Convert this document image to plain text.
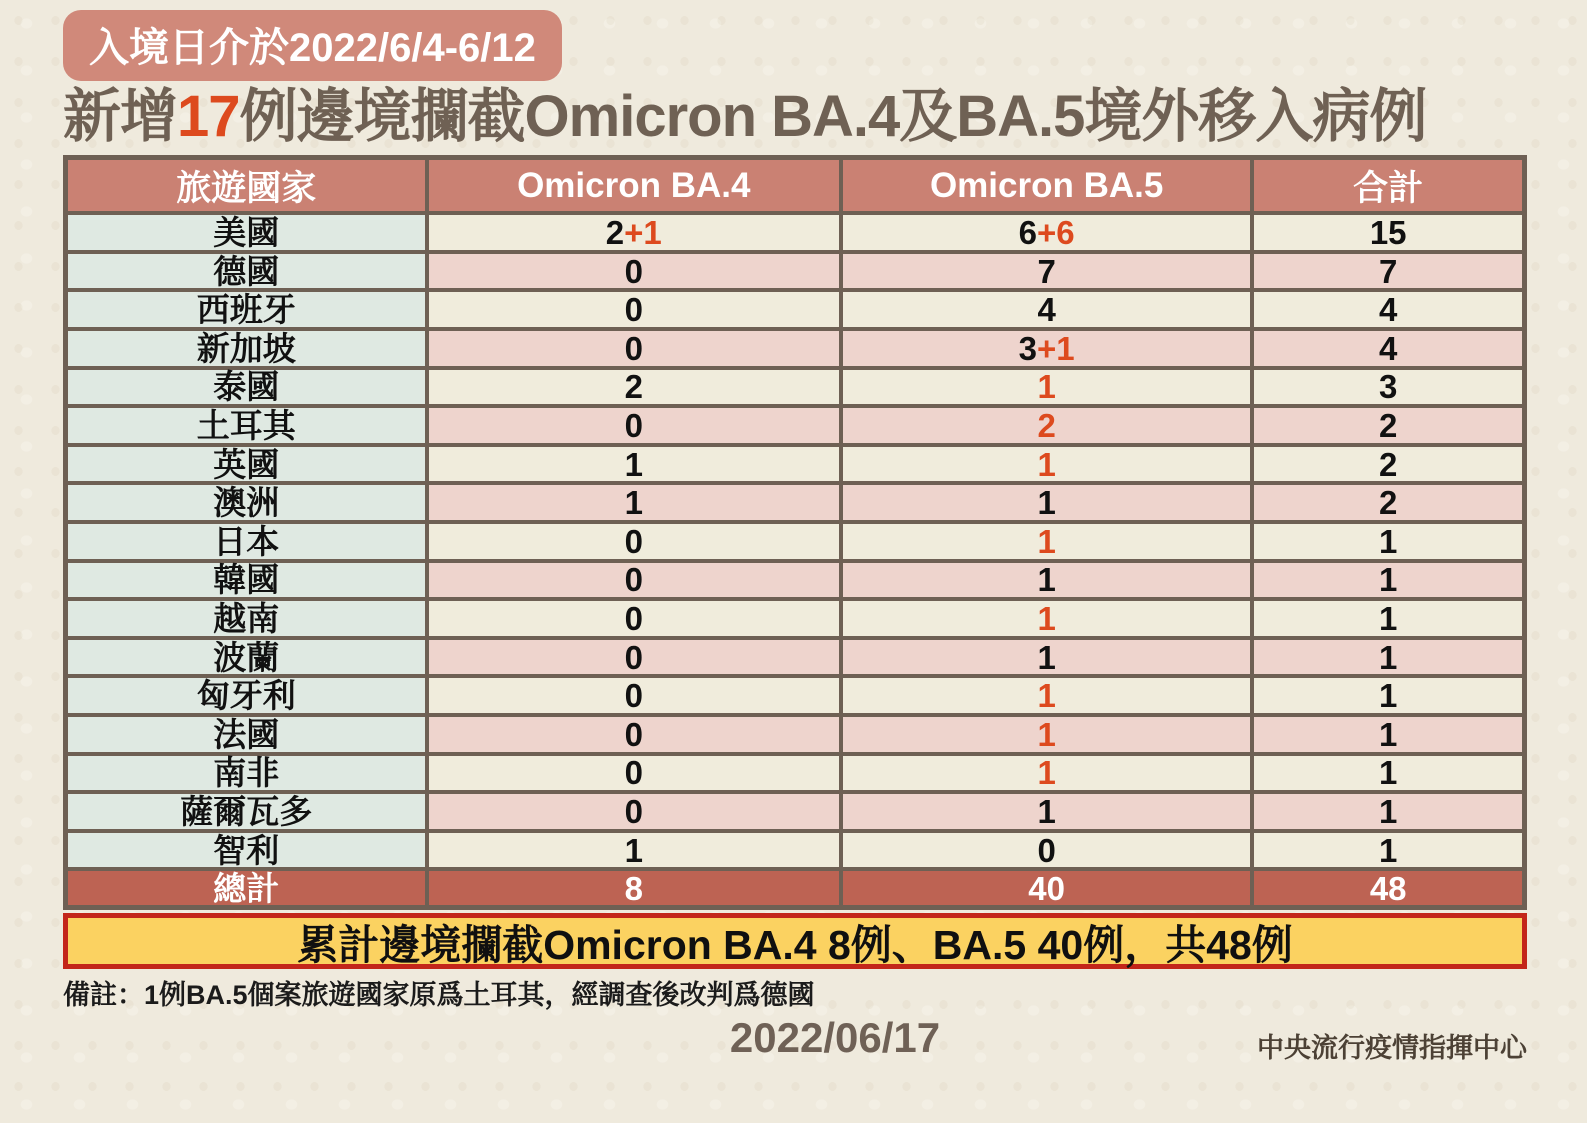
入境日介於2022/6/4-6/12
新增17例邊境攔截Omicron BA.4及BA.5境外移入病例
旅遊國家	Omicron BA.4	Omicron BA.5	合計
美國	2+1	6+6	15
德國	0	7	7
西班牙	0	4	4
新加坡	0	3+1	4
泰國	2	1	3
土耳其	0	2	2
英國	1	1	2
澳洲	1	1	2
日本	0	1	1
韓國	0	1	1
越南	0	1	1
波蘭	0	1	1
匈牙利	0	1	1
法國	0	1	1
南非	0	1	1
薩爾瓦多	0	1	1
智利	1	0	1
總計	8	40	48
累計邊境攔截Omicron BA.4 8例、BA.5 40例，共48例
備註：1例BA.5個案旅遊國家原爲土耳其，經調查後改判爲德國
2022/06/17	中央流行疫情指揮中心
